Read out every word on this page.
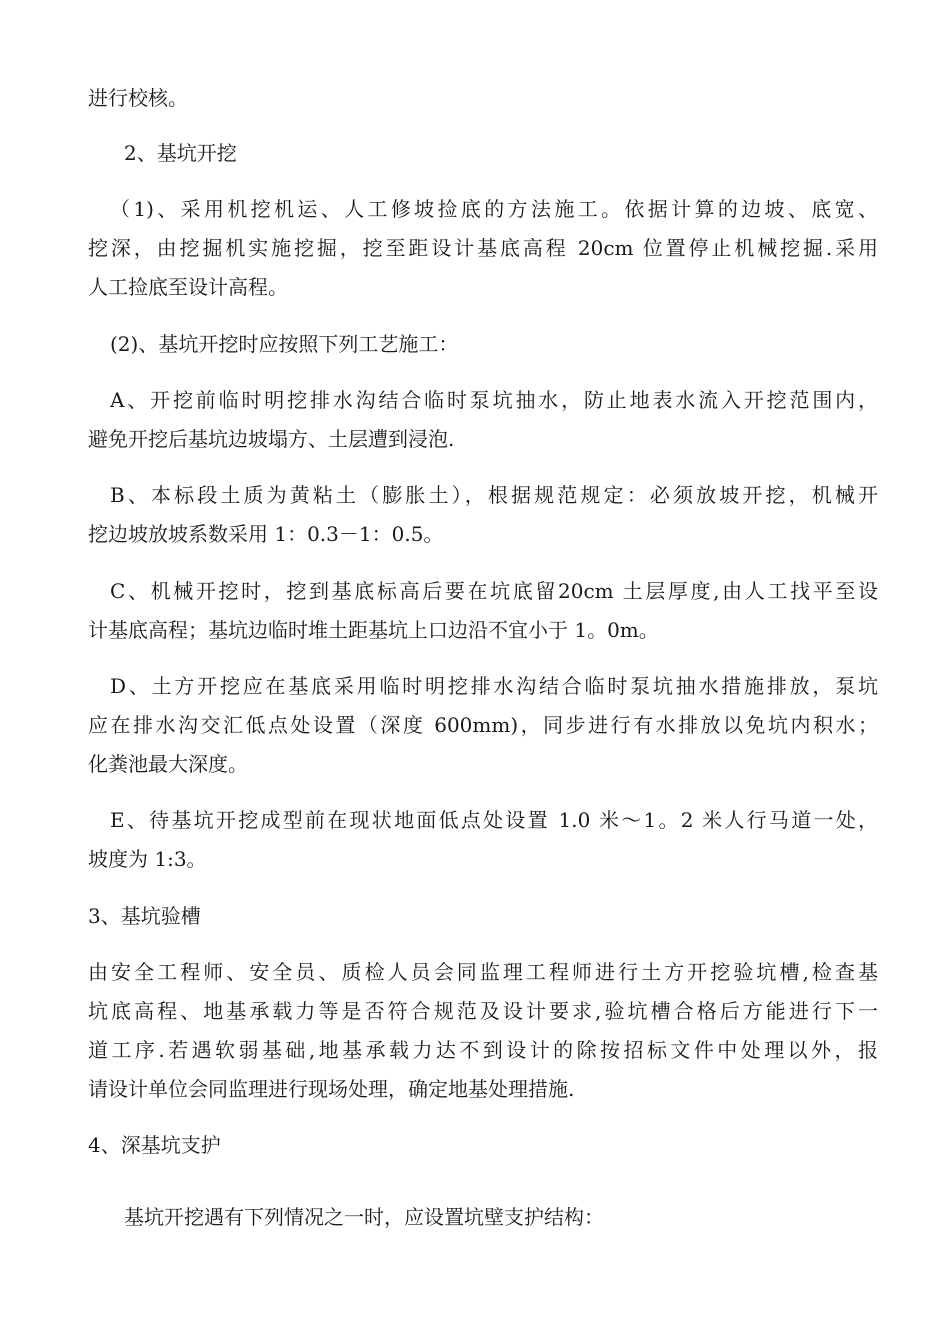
进行校核。
2、基坑开挖
（1)、采用机挖机运、人工修坡捡底的方法施工。依据计算的边坡、底宽、
挖深，由挖掘机实施挖掘，挖至距设计基底高程 20cm 位置停止机械挖掘.采用
人工捡底至设计高程。
(2)、基坑开挖时应按照下列工艺施工：
A、开挖前临时明挖排水沟结合临时泵坑抽水，防止地表水流入开挖范围内，
避免开挖后基坑边坡塌方、土层遭到浸泡.
B、本标段土质为黄粘土（膨胀土），根据规范规定：必须放坡开挖，机械开
挖边坡放坡系数采用 1：0.3－1：0.5。
C、机械开挖时，挖到基底标高后要在坑底留20cm 土层厚度,由人工找平至设
计基底高程；基坑边临时堆土距基坑上口边沿不宜小于 1。0m。
D、土方开挖应在基底采用临时明挖排水沟结合临时泵坑抽水措施排放，泵坑
应在排水沟交汇低点处设置（深度 600mm)，同步进行有水排放以免坑内积水；
化粪池最大深度。
E、待基坑开挖成型前在现状地面低点处设置 1.0 米～1。2 米人行马道一处，
坡度为 1:3。
3、基坑验槽
由安全工程师、安全员、质检人员会同监理工程师进行土方开挖验坑槽,检查基
坑底高程、地基承载力等是否符合规范及设计要求,验坑槽合格后方能进行下一
道工序.若遇软弱基础,地基承载力达不到设计的除按招标文件中处理以外，报
请设计单位会同监理进行现场处理，确定地基处理措施.
4、深基坑支护
基坑开挖遇有下列情况之一时，应设置坑壁支护结构：
